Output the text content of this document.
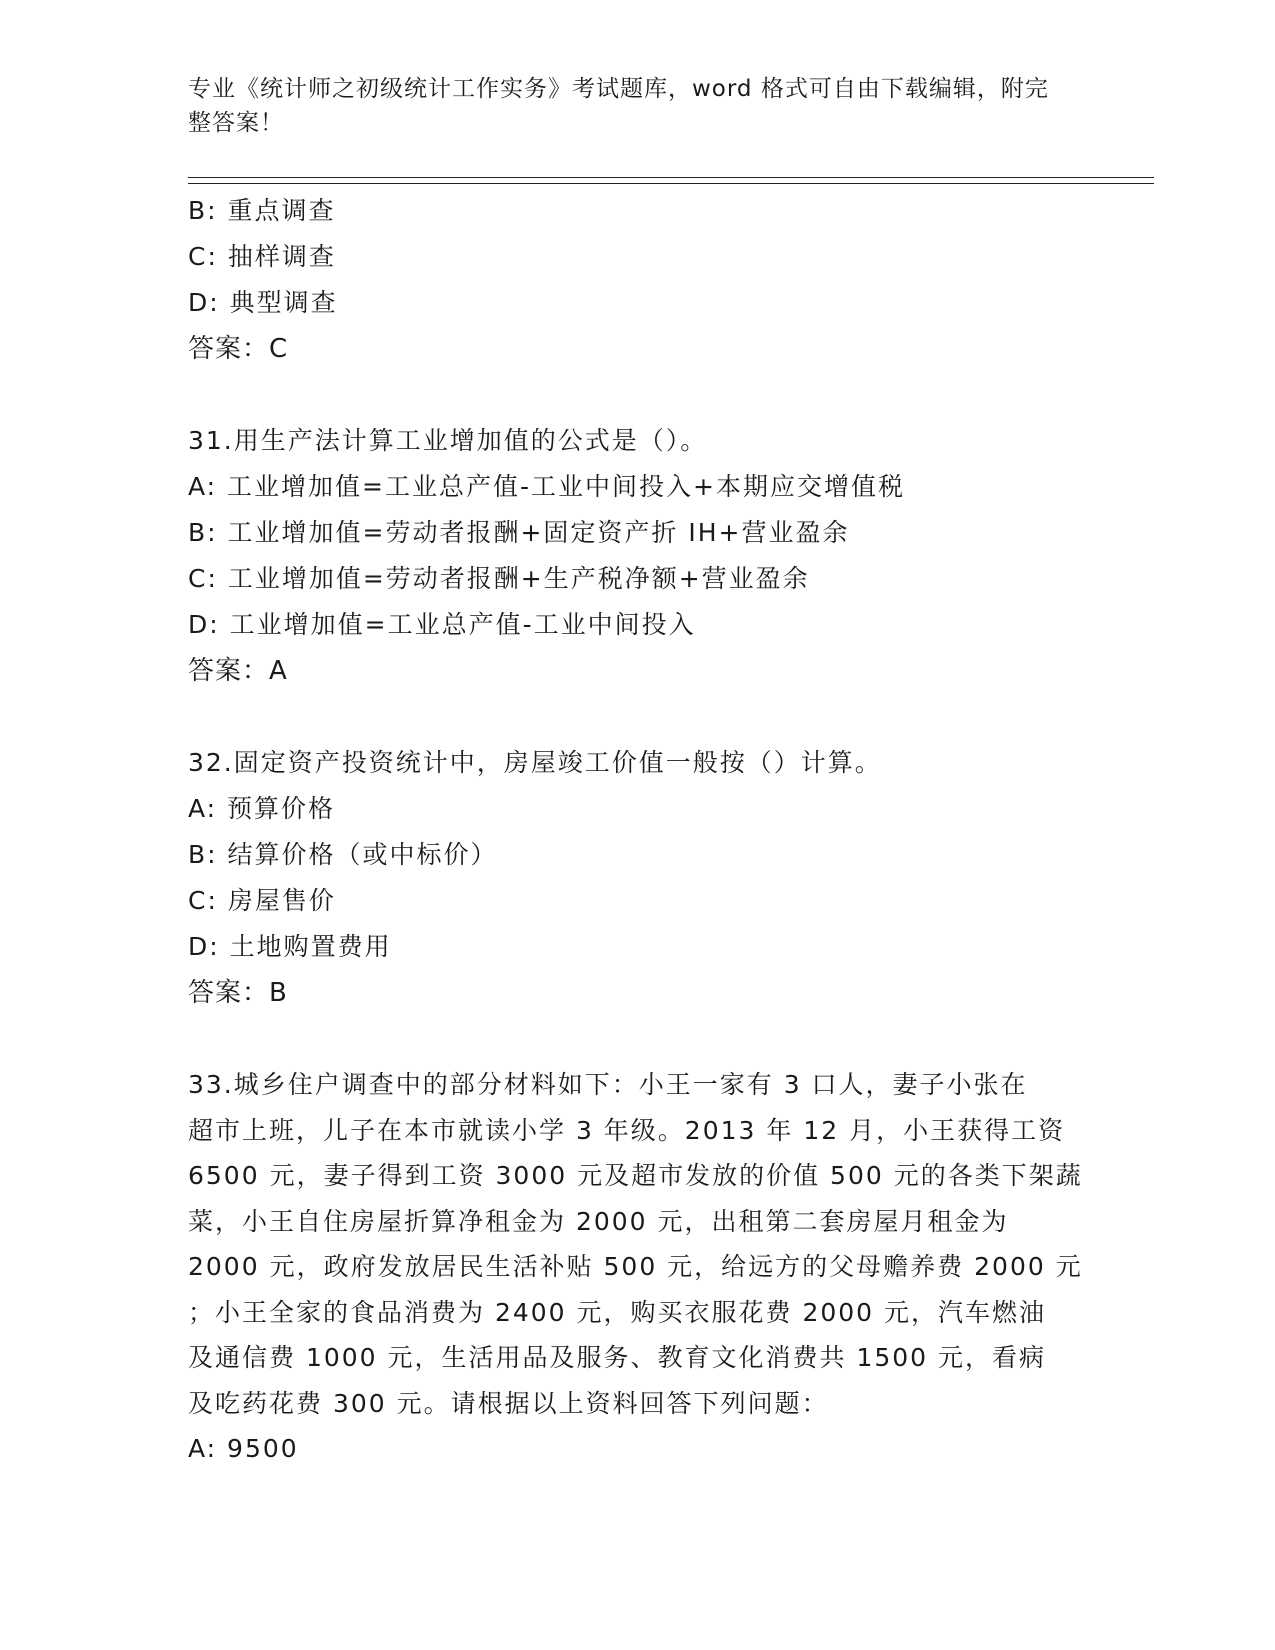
专业《统计师之初级统计工作实务》考试题库，word 格式可自由下载编辑，附完
整答案！
B: 重点调查
C: 抽样调查
D: 典型调查
答案：C
31.用生产法计算工业增加值的公式是（）。
A: 工业增加值=工业总产值-工业中间投入+本期应交增值税
B: 工业增加值=劳动者报酬+固定资产折 IH+营业盈余
C: 工业增加值=劳动者报酬+生产税净额+营业盈余
D: 工业增加值=工业总产值-工业中间投入
答案：A
32.固定资产投资统计中，房屋竣工价值一般按（）计算。
A: 预算价格
B: 结算价格（或中标价）
C: 房屋售价
D: 土地购置费用
答案：B
33.城乡住户调查中的部分材料如下：小王一家有 3 口人，妻子小张在
超市上班，儿子在本市就读小学 3 年级。2013 年 12 月，小王获得工资
6500 元，妻子得到工资 3000 元及超市发放的价值 500 元的各类下架蔬
菜，小王自住房屋折算净租金为 2000 元，出租第二套房屋月租金为
2000 元，政府发放居民生活补贴 500 元，给远方的父母赡养费 2000 元
；小王全家的食品消费为 2400 元，购买衣服花费 2000 元，汽车燃油
及通信费 1000 元，生活用品及服务、教育文化消费共 1500 元，看病
及吃药花费 300 元。请根据以上资料回答下列问题：
A: 9500
